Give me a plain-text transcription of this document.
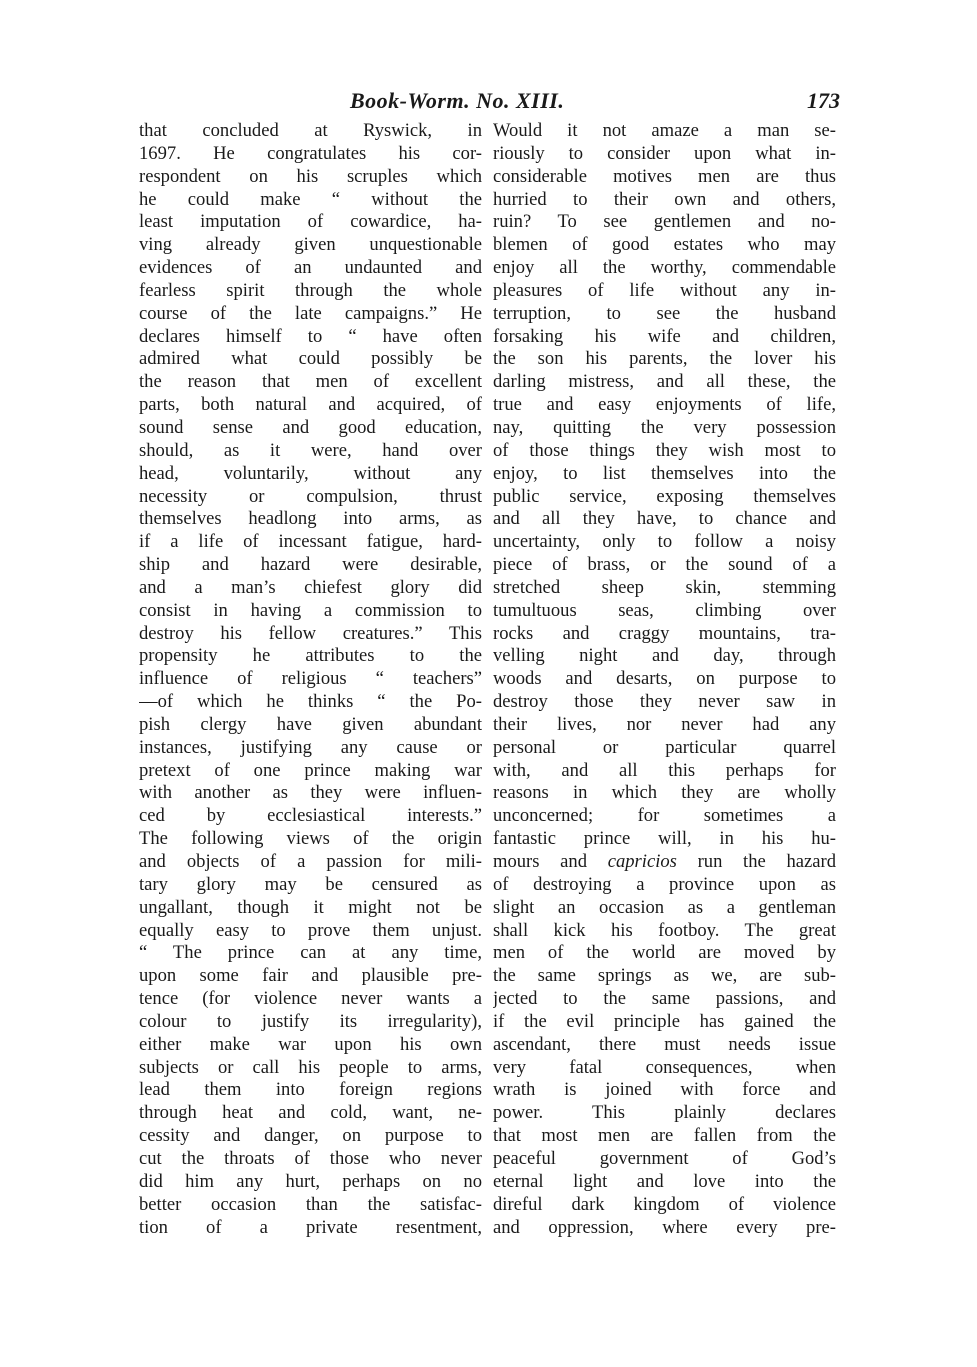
Book-Worm. No. XIII.	173
that concluded at Ryswick, in
1697. He congratulates his cor-
respondent on his scruples which
he could make “ without the
least imputation of cowardice, ha-
ving already given unquestionable
evidences of an undaunted and
fearless spirit through the whole
course of the late campaigns.” He
declares himself to “ have often
admired what could possibly be
the reason that men of excellent
parts, both natural and acquired, of
sound sense and good education,
should, as it were, hand over
head, voluntarily, without any
necessity or compulsion, thrust
themselves headlong into arms, as
if a life of incessant fatigue, hard-
ship and hazard were desirable,
and a man’s chiefest glory did
consist in having a commission to
destroy his fellow creatures.” This
propensity he attributes to the
influence of religious “ teachers”
—of which he thinks “ the Po-
pish clergy have given abundant
instances, justifying any cause or
pretext of one prince making war
with another as they were influen-
ced by ecclesiastical interests.”
The following views of the origin
and objects of a passion for mili-
tary glory may be censured as
ungallant, though it might not be
equally easy to prove them unjust.
“ The prince can at any time,
upon some fair and plausible pre-
tence (for violence never wants a
colour to justify its irregularity),
either make war upon his own
subjects or call his people to arms,
lead them into foreign regions
through heat and cold, want, ne-
cessity and danger, on purpose to
cut the throats of those who never
did him any hurt, perhaps on no
better occasion than the satisfac-
tion of a private resentment,
Would it not amaze a man se-
riously to consider upon what in-
considerable motives men are thus
hurried to their own and others,
ruin? To see gentlemen and no-
blemen of good estates who may
enjoy all the worthy, commendable
pleasures of life without any in-
terruption, to see the husband
forsaking his wife and children,
the son his parents, the lover his
darling mistress, and all these, the
true and easy enjoyments of life,
nay, quitting the very possession
of those things they wish most to
enjoy, to list themselves into the
public service, exposing themselves
and all they have, to chance and
uncertainty, only to follow a noisy
piece of brass, or the sound of a
stretched sheep skin, stemming
tumultuous seas, climbing over
rocks and craggy mountains, tra-
velling night and day, through
woods and desarts, on purpose to
destroy those they never saw in
their lives, nor never had any
personal or particular quarrel
with, and all this perhaps for
reasons in which they are wholly
unconcerned; for sometimes a
fantastic prince will, in his hu-
mours and capricios run the hazard
of destroying a province upon as
slight an occasion as a gentleman
shall kick his footboy. The great
men of the world are moved by
the same springs as we, are sub-
jected to the same passions, and
if the evil principle has gained the
ascendant, there must needs issue
very fatal consequences, when
wrath is joined with force and
power. This plainly declares
that most men are fallen from the
peaceful government of God’s
eternal light and love into the
direful dark kingdom of violence
and oppression, where every pre-
